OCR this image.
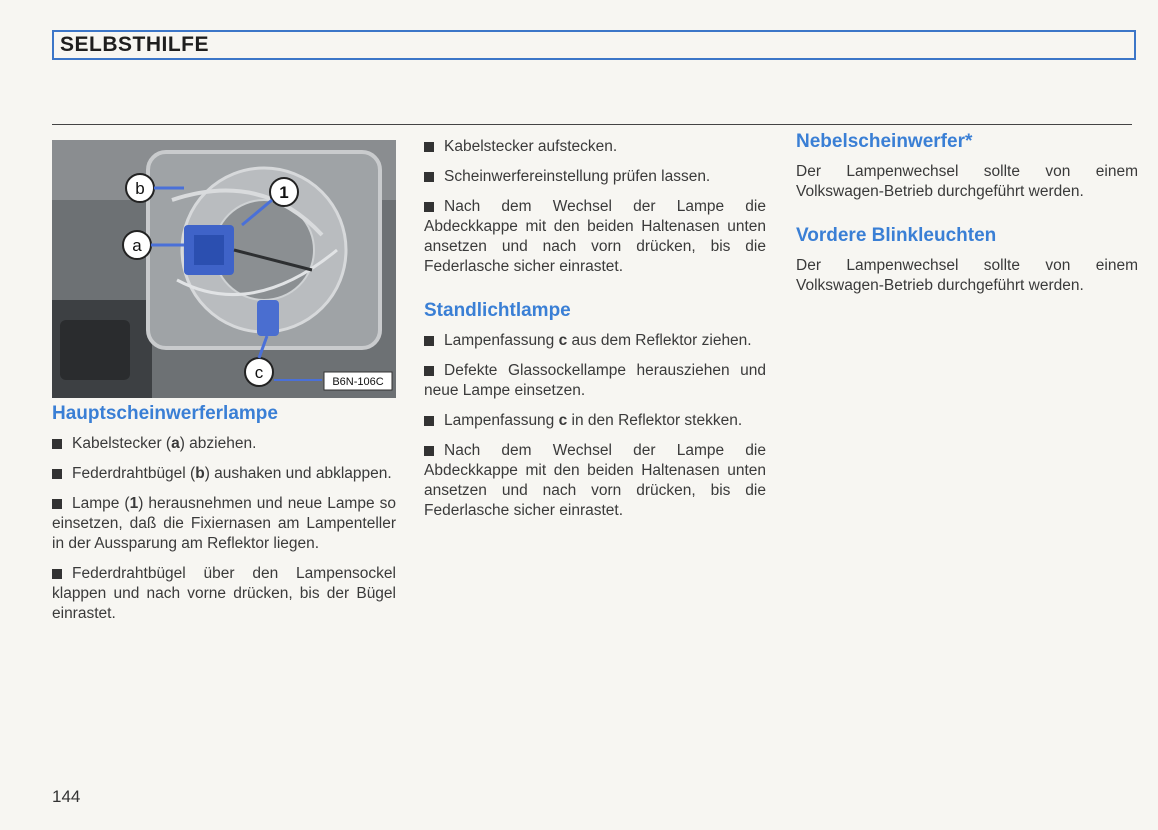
SELBSTHILFE
b
a
1
c	B6N-106C
Hauptscheinwerferlampe

Kabelstecker (a) abziehen.

Federdrahtbügel (b) aushaken und abklappen.

Lampe (1) herausnehmen und neue Lampe so einsetzen, daß die Fixiernasen am Lampenteller in der Aussparung am Reflektor liegen.

Federdrahtbügel über den Lampensockel klappen und nach vorne drücken, bis der Bügel einrastet.

Kabelstecker aufstecken.

Scheinwerfereinstellung prüfen lassen.

Nach dem Wechsel der Lampe die Abdeckkappe mit den beiden Haltenasen unten ansetzen und nach vorn drücken, bis die Federlasche sicher einrastet.

Standlichtlampe

Lampenfassung c aus dem Reflektor ziehen.

Defekte Glassockellampe herausziehen und neue Lampe einsetzen.

Lampenfassung c in den Reflektor stekken.

Nach dem Wechsel der Lampe die Abdeckkappe mit den beiden Haltenasen unten ansetzen und nach vorn drücken, bis die Federlasche sicher einrastet.

Nebelscheinwerfer*

Der Lampenwechsel sollte von einem Volkswagen-Betrieb durchgeführt werden.

Vordere Blinkleuchten

Der Lampenwechsel sollte von einem Volkswagen-Betrieb durchgeführt werden.

144
